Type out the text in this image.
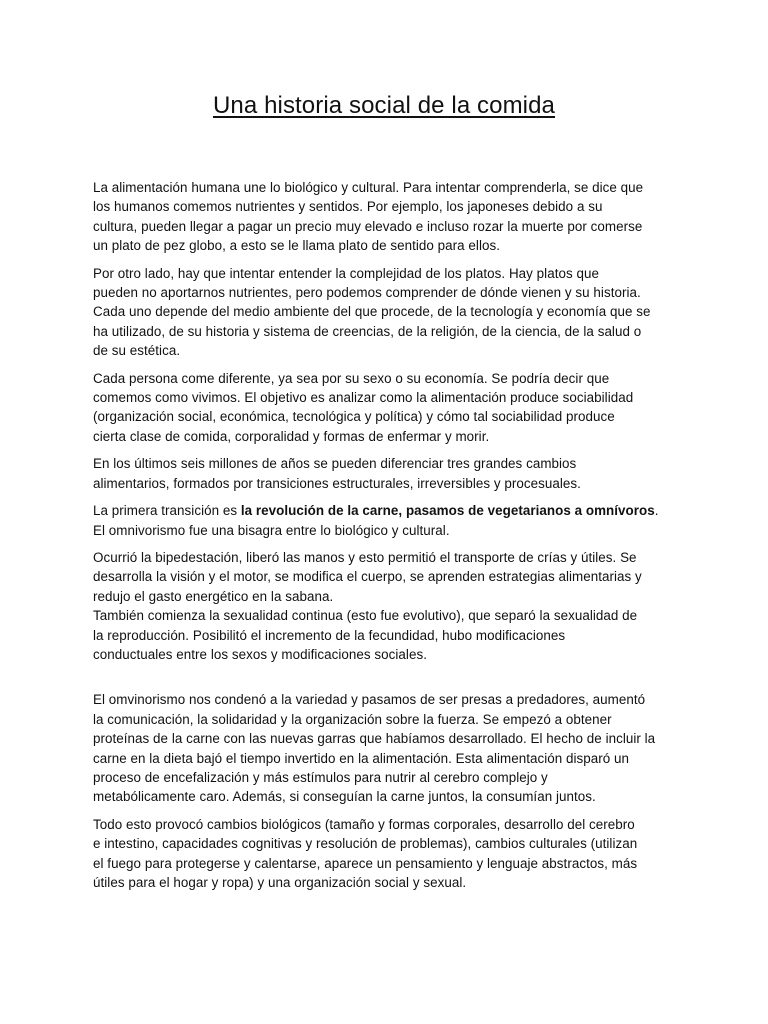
Una historia social de la comida

La alimentación humana une lo biológico y cultural. Para intentar comprenderla, se dice que
los humanos comemos nutrientes y sentidos. Por ejemplo, los japoneses debido a su
cultura, pueden llegar a pagar un precio muy elevado e incluso rozar la muerte por comerse
un plato de pez globo, a esto se le llama plato de sentido para ellos.

Por otro lado, hay que intentar entender la complejidad de los platos. Hay platos que
pueden no aportarnos nutrientes, pero podemos comprender de dónde vienen y su historia.
Cada uno depende del medio ambiente del que procede, de la tecnología y economía que se
ha utilizado, de su historia y sistema de creencias, de la religión, de la ciencia, de la salud o
de su estética.

Cada persona come diferente, ya sea por su sexo o su economía. Se podría decir que
comemos como vivimos. El objetivo es analizar como la alimentación produce sociabilidad
(organización social, económica, tecnológica y política) y cómo tal sociabilidad produce
cierta clase de comida, corporalidad y formas de enfermar y morir.

En los últimos seis millones de años se pueden diferenciar tres grandes cambios
alimentarios, formados por transiciones estructurales, irreversibles y procesuales.

La primera transición es la revolución de la carne, pasamos de vegetarianos a omnívoros.
El omnivorismo fue una bisagra entre lo biológico y cultural.

Ocurrió la bipedestación, liberó las manos y esto permitió el transporte de crías y útiles. Se
desarrolla la visión y el motor, se modifica el cuerpo, se aprenden estrategias alimentarias y
redujo el gasto energético en la sabana.
También comienza la sexualidad continua (esto fue evolutivo), que separó la sexualidad de
la reproducción. Posibilitó el incremento de la fecundidad, hubo modificaciones
conductuales entre los sexos y modificaciones sociales.

El omvinorismo nos condenó a la variedad y pasamos de ser presas a predadores, aumentó
la comunicación, la solidaridad y la organización sobre la fuerza. Se empezó a obtener
proteínas de la carne con las nuevas garras que habíamos desarrollado. El hecho de incluir la
carne en la dieta bajó el tiempo invertido en la alimentación. Esta alimentación disparó un
proceso de encefalización y más estímulos para nutrir al cerebro complejo y
metabólicamente caro. Además, si conseguían la carne juntos, la consumían juntos.

Todo esto provocó cambios biológicos (tamaño y formas corporales, desarrollo del cerebro
e intestino, capacidades cognitivas y resolución de problemas), cambios culturales (utilizan
el fuego para protegerse y calentarse, aparece un pensamiento y lenguaje abstractos, más
útiles para el hogar y ropa) y una organización social y sexual.
